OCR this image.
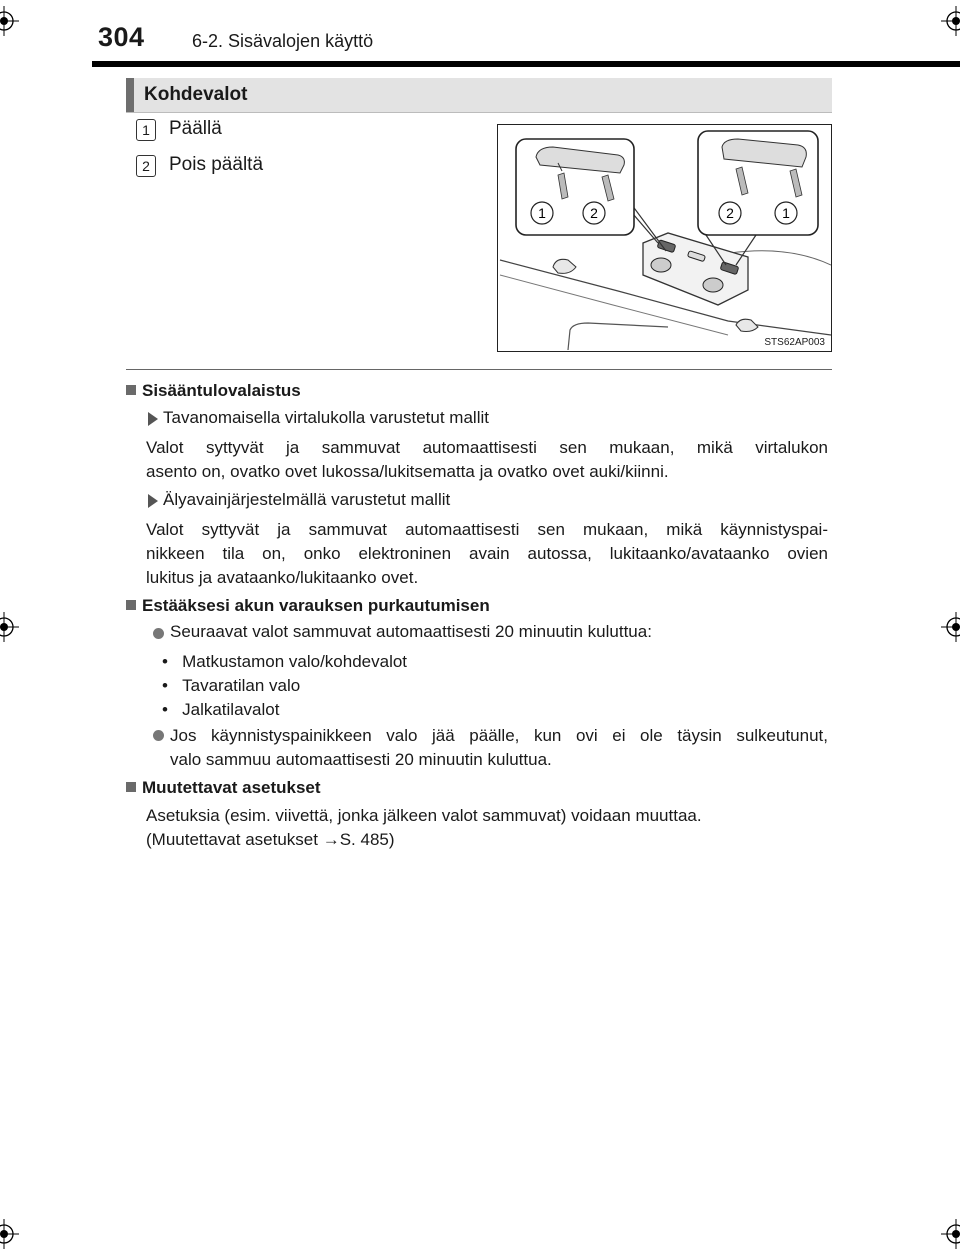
304	6-2. Sisävalojen käyttö
Kohdevalot
1 Päällä
2 Pois päältä
1	2	2	1
STS62AP003
Sisääntulovalaistus
Tavanomaisella virtalukolla varustetut mallit
Valot syttyvät ja sammuvat automaattisesti sen mukaan, mikä virtalukon
asento on, ovatko ovet lukossa/lukitsematta ja ovatko ovet auki/kiinni.
Älyavainjärjestelmällä varustetut mallit
Valot syttyvät ja sammuvat automaattisesti sen mukaan, mikä käynnistyspai-
nikkeen tila on, onko elektroninen avain autossa, lukitaanko/avataanko ovien
lukitus ja avataanko/lukitaanko ovet.
Estääksesi akun varauksen purkautumisen
Seuraavat valot sammuvat automaattisesti 20 minuutin kuluttua:
•   Matkustamon valo/kohdevalot
•   Tavaratilan valo
•   Jalkatilavalot
Jos käynnistyspainikkeen valo jää päälle, kun ovi ei ole täysin sulkeutunut,
valo sammuu automaattisesti 20 minuutin kuluttua.
Muutettavat asetukset
Asetuksia (esim. viivettä, jonka jälkeen valot sammuvat) voidaan muuttaa.
(Muutettavat asetukset →S. 485)
